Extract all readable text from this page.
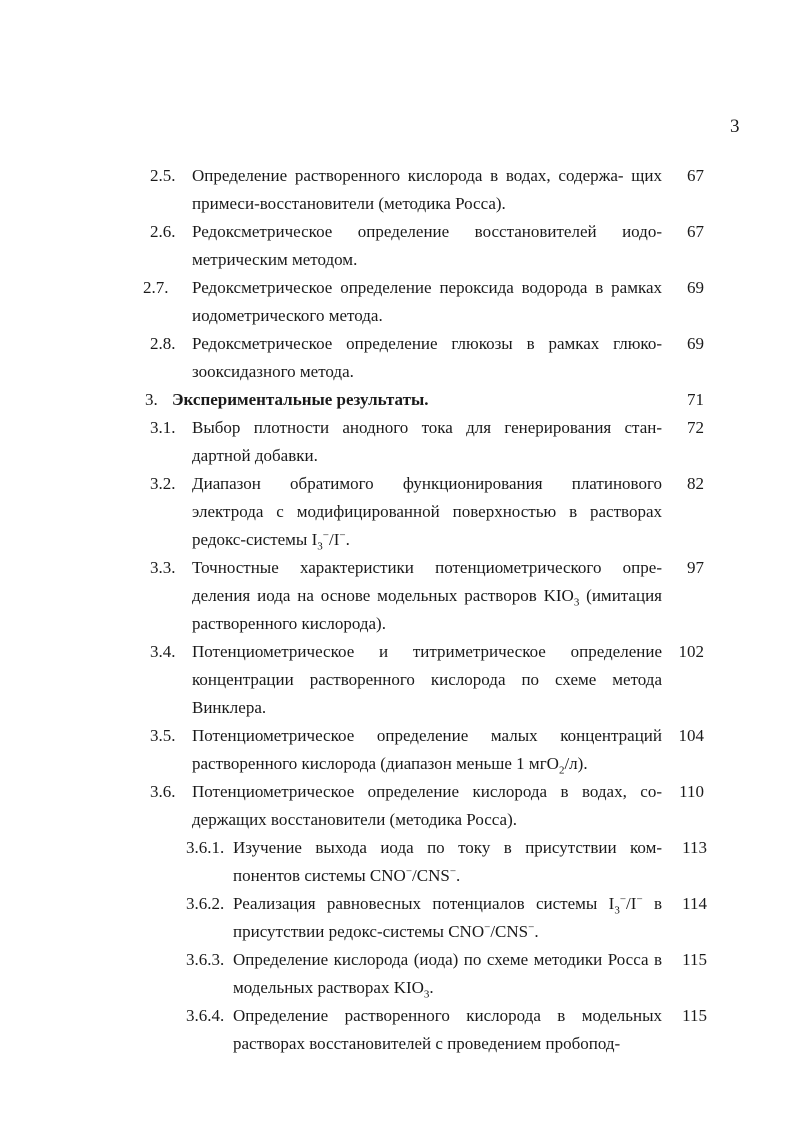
3
2.5. Определение растворенного кислорода в водах, содержа- щих примеси-восстановители (методика Росса).
67
2.6. Редоксметрическое определение восстановителей иодо- метрическим методом.
67
2.7. Редоксметрическое определение пероксида водорода в рамках иодометрического метода.
69
2.8. Редоксметрическое определение глюкозы в рамках глюко- зооксидазного метода.
69
3. Экспериментальные результаты.	71
3.1. Выбор плотности анодного тока для генерирования стан- дартной добавки.
72
3.2. Диапазон обратимого функционирования платинового электрода с модифицированной поверхностью в растворах редокс-системы $I_3^-/I^-$.
82
3.3. Точностные характеристики потенциометрического опре- деления иода на основе модельных растворов $KIO_3$ (имитация растворенного кислорода).
97
3.4. Потенциометрическое и титриметрическое определение концентрации растворенного кислорода по схеме метода Винклера.
102
3.5. Потенциометрическое определение малых концентраций растворенного кислорода (диапазон меньше 1 мгO$_2$/л).
104
3.6. Потенциометрическое определение кислорода в водах, со- держащих восстановители (методика Росса).
110
3.6.1. Изучение выхода иода по току в присутствии ком- понентов системы CNO−/CNS−.
113
3.6.2. Реализация равновесных потенциалов системы $I_3^-/I^-$ в присутствии редокс-системы CNO−/CNS−.
114
3.6.3. Определение кислорода (иода) по схеме методики Росса в модельных растворах $KIO_3$.
115
3.6.4. Определение растворенного кислорода в модельных растворах восстановителей с проведением пробопод-
115
